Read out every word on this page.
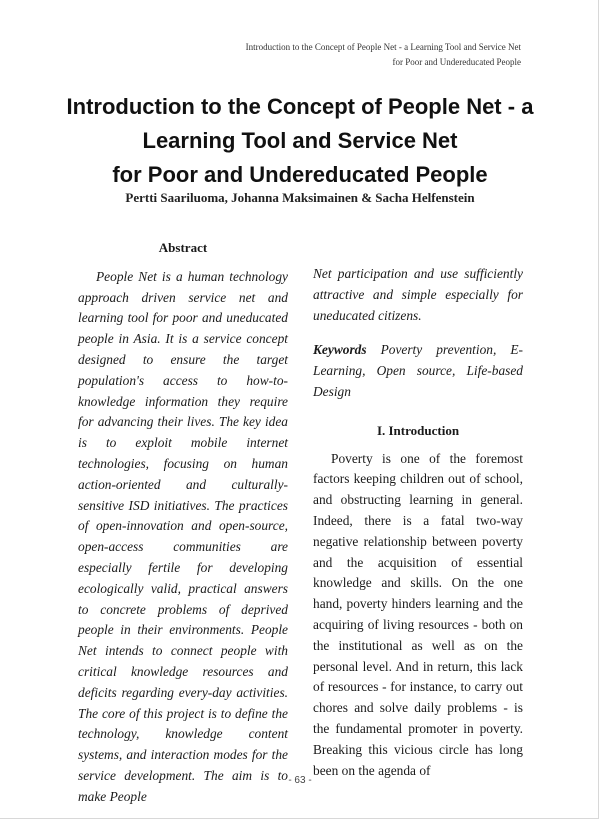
Introduction to the Concept of People Net - a Learning Tool and Service Net
for Poor and Undereducated People
Introduction to the Concept of People Net - a
Learning Tool and Service Net
for Poor and Undereducated People
Pertti Saariluoma, Johanna Maksimainen & Sacha Helfenstein
Abstract
People Net is a human technology approach driven service net and learning tool for poor and uneducated people in Asia. It is a service concept designed to ensure the target population's access to how-to-knowledge information they require for advancing their lives. The key idea is to exploit mobile internet technologies, focusing on human action-oriented and culturally-sensitive ISD initiatives. The practices of open-innovation and open-source, open-access communities are especially fertile for developing ecologically valid, practical answers to concrete problems of deprived people in their environments. People Net intends to connect people with critical knowledge resources and deficits regarding every-day activities. The core of this project is to define the technology, knowledge content systems, and interaction modes for the service development. The aim is to make People
Net participation and use sufficiently attractive and simple especially for uneducated citizens.
Keywords Poverty prevention, E-Learning, Open source, Life-based Design
I. Introduction
Poverty is one of the foremost factors keeping children out of school, and obstructing learning in general. Indeed, there is a fatal two-way negative relationship between poverty and the acquisition of essential knowledge and skills. On the one hand, poverty hinders learning and the acquiring of living resources - both on the institutional as well as on the personal level. And in return, this lack of resources - for instance, to carry out chores and solve daily problems - is the fundamental promoter in poverty. Breaking this vicious circle has long been on the agenda of
- 63 -
